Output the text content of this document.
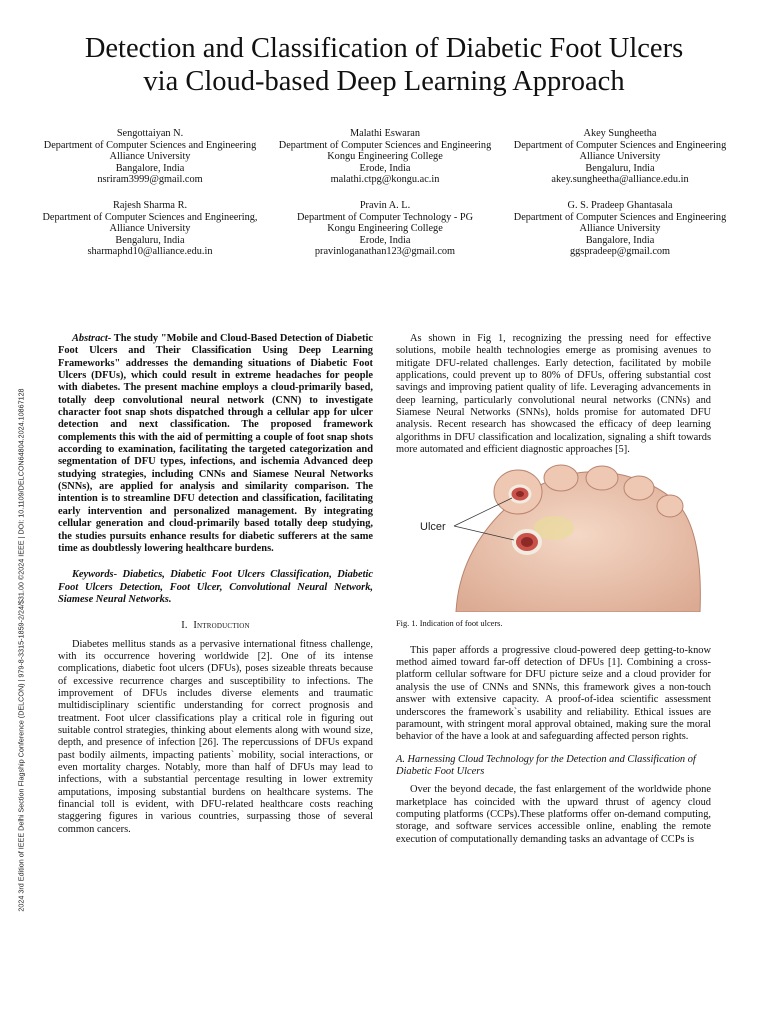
Detection and Classification of Diabetic Foot Ulcers
via Cloud-based Deep Learning Approach
Sengottaiyan N.
Department of Computer Sciences and Engineering
Alliance University
Bangalore, India
nsriram3999@gmail.com
Malathi Eswaran
Department of Computer Sciences and Engineering
Kongu Engineering College
Erode, India
malathi.ctpg@kongu.ac.in
Akey Sungheetha
Department of Computer Sciences and Engineering
Alliance University
Bengaluru, India
akey.sungheetha@alliance.edu.in
Rajesh Sharma R.
Department of Computer Sciences and Engineering,
Alliance University
Bengaluru, India
sharmaphd10@alliance.edu.in
Pravin A. L.
Department of Computer Technology - PG
Kongu Engineering College
Erode, India
pravinloganathan123@gmail.com
G. S. Pradeep Ghantasala
Department of Computer Sciences and Engineering
Alliance University
Bangalore, India
ggspradeep@gmail.com
2024 3rd Edition of IEEE Delhi Section Flagship Conference (DELCON) | 979-8-3315-1859-2/24/$31.00 ©2024 IEEE | DOI: 10.1109/DELCON64804.2024.10867128

Abstract- The study "Mobile and Cloud-Based Detection of Diabetic Foot Ulcers and Their Classification Using Deep Learning Frameworks" addresses the demanding situations of Diabetic Foot Ulcers (DFUs), which could result in extreme headaches for people with diabetes. The present machine employs a cloud-primarily based, totally deep convolutional neural network (CNN) to investigate character foot snap shots dispatched through a cellular app for ulcer detection and next classification. The proposed framework complements this with the aid of permitting a couple of foot snap shots according to examination, facilitating the targeted categorization and segmentation of DFU types, infections, and ischemia Advanced deep studying strategies, including CNNs and Siamese Neural Networks (SNNs), are applied for analysis and similarity comparison. The intention is to streamline DFU detection and classification, facilitating early intervention and personalized management. By integrating cellular generation and cloud-primarily based totally deep studying, the studies pursuits enhance results for diabetic sufferers at the same time as doubtlessly lowering healthcare burdens.

Keywords- Diabetics, Diabetic Foot Ulcers Classification, Diabetic Foot Ulcers Detection, Foot Ulcer, Convolutional Neural Network, Siamese Neural Networks.

I. Introduction

Diabetes mellitus stands as a pervasive international fitness challenge, with its occurrence hovering worldwide [2]. One of its intense complications, diabetic foot ulcers (DFUs), poses sizeable threats because of excessive recurrence charges and susceptibility to infections. The improvement of DFUs includes diverse elements and traumatic multidisciplinary scientific understanding for correct prognosis and treatment. Foot ulcer classifications play a critical role in figuring out suitable control strategies, thinking about elements along with wound size, depth, and presence of infection [26]. The repercussions of DFUs expand past bodily ailments, impacting patients` mobility, social interactions, or even mortality charges. Notably, more than half of DFUs may lead to infections, with a substantial percentage resulting in lower extremity amputations, imposing substantial burdens on healthcare systems. The financial toll is evident, with DFU-related healthcare costs reaching staggering figures in various countries, surpassing those of several common cancers.

As shown in Fig 1, recognizing the pressing need for effective solutions, mobile health technologies emerge as promising avenues to mitigate DFU-related challenges. Early detection, facilitated by mobile applications, could prevent up to 80% of DFUs, offering substantial cost savings and improving patient quality of life. Leveraging advancements in deep learning, particularly convolutional neural networks (CNNs) and Siamese Neural Networks (SNNs), holds promise for automated DFU analysis. Recent research has showcased the efficacy of deep learning algorithms in DFU classification and localization, signaling a shift towards more automated and efficient diagnostic approaches [5].

Ulcer

Fig. 1. Indication of foot ulcers.

This paper affords a progressive cloud-powered deep getting-to-know method aimed toward far-off detection of DFUs [1]. Combining a cross-platform cellular software for DFU picture seize and a cloud provider for analysis the use of CNNs and SNNs, this framework gives a non-touch answer with extensive capacity. A proof-of-idea scientific assessment underscores the framework`s usability and reliability. Ethical issues are paramount, with stringent moral approval obtained, making sure the moral behavior of the have a look at and safeguarding affected person rights.

A. Harnessing Cloud Technology for the Detection and Classification of Diabetic Foot Ulcers

Over the beyond decade, the fast enlargement of the worldwide phone marketplace has coincided with the upward thrust of agency cloud computing platforms (CCPs).These platforms offer on-demand computing, storage, and software services accessible online, enabling the remote execution of computationally demanding tasks an advantage of CCPs is
